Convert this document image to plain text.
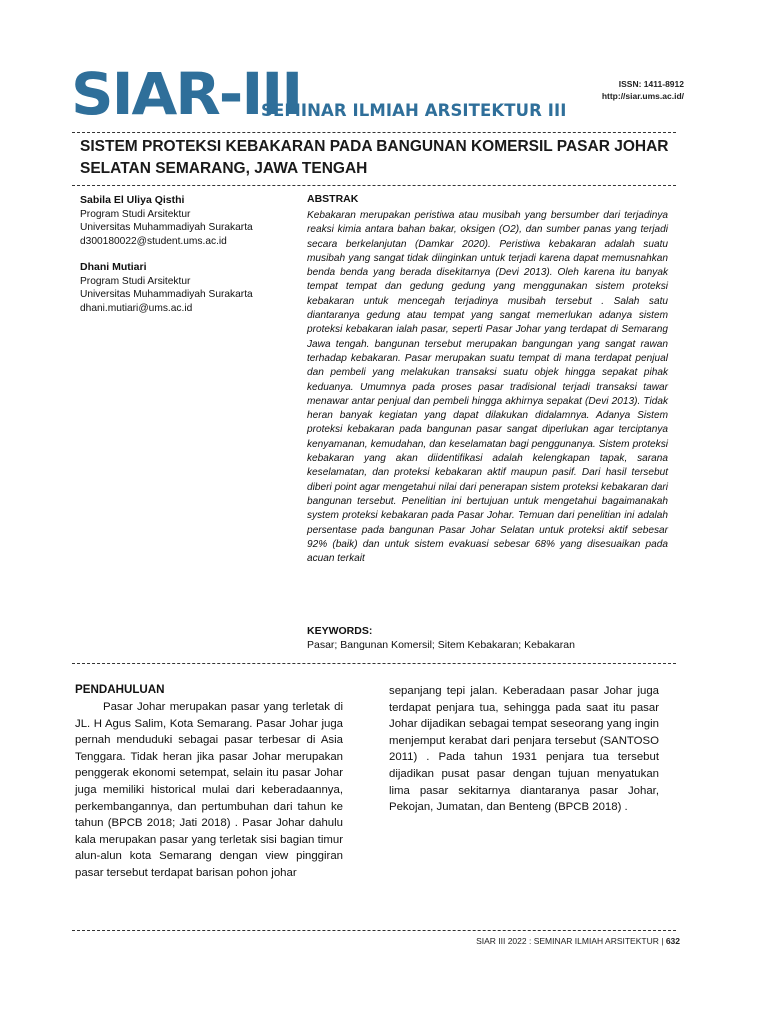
SIAR-III
SEMINAR ILMIAH ARSITEKTUR III
ISSN: 1411-8912
http://siar.ums.ac.id/
SISTEM PROTEKSI KEBAKARAN PADA BANGUNAN KOMERSIL PASAR JOHAR SELATAN SEMARANG, JAWA TENGAH
Sabila El Uliya Qisthi
Program Studi Arsitektur
Universitas Muhammadiyah Surakarta
d300180022@student.ums.ac.id
Dhani Mutiari
Program Studi Arsitektur
Universitas Muhammadiyah Surakarta
dhani.mutiari@ums.ac.id
ABSTRAK
Kebakaran merupakan peristiwa atau musibah yang bersumber dari terjadinya reaksi kimia antara bahan bakar, oksigen (O2), dan sumber panas yang terjadi secara berkelanjutan (Damkar 2020). Peristiwa kebakaran adalah suatu musibah yang sangat tidak diinginkan untuk terjadi karena dapat memusnahkan benda benda yang berada disekitarnya (Devi 2013). Oleh karena itu banyak tempat tempat dan gedung gedung yang menggunakan sistem proteksi kebakaran untuk mencegah terjadinya musibah tersebut . Salah satu diantaranya gedung atau tempat yang sangat memerlukan adanya sistem proteksi kebakaran ialah pasar, seperti Pasar Johar yang terdapat di Semarang Jawa tengah. bangunan tersebut merupakan bangungan yang sangat rawan terhadap kebakaran. Pasar merupakan suatu tempat di mana terdapat penjual dan pembeli yang melakukan transaksi suatu objek hingga sepakat pihak keduanya. Umumnya pada proses pasar tradisional terjadi transaksi tawar menawar antar penjual dan pembeli hingga akhirnya sepakat (Devi 2013). Tidak heran banyak kegiatan yang dapat dilakukan didalamnya. Adanya Sistem proteksi kebakaran pada bangunan pasar sangat diperlukan agar terciptanya kenyamanan, kemudahan, dan keselamatan bagi penggunanya. Sistem proteksi kebakaran yang akan diidentifikasi adalah kelengkapan tapak, sarana keselamatan, dan proteksi kebakaran aktif maupun pasif. Dari hasil tersebut diberi point agar mengetahui nilai dari penerapan sistem proteksi kebakaran dari bangunan tersebut. Penelitian ini bertujuan untuk mengetahui bagaimanakah system proteksi kebakaran pada Pasar Johar. Temuan dari penelitian ini adalah persentase pada bangunan Pasar Johar Selatan untuk proteksi aktif sebesar 92% (baik) dan untuk sistem evakuasi sebesar 68% yang disesuaikan pada acuan terkait
KEYWORDS:
Pasar; Bangunan Komersil; Sitem Kebakaran; Kebakaran
PENDAHULUAN

Pasar Johar merupakan pasar yang terletak di JL. H Agus Salim, Kota Semarang. Pasar Johar juga pernah menduduki sebagai pasar terbesar di Asia Tenggara. Tidak heran jika pasar Johar merupakan penggerak ekonomi setempat, selain itu pasar Johar juga memiliki historical mulai dari keberadaannya, perkembangannya, dan pertumbuhan dari tahun ke tahun (BPCB 2018; Jati 2018) . Pasar Johar dahulu kala merupakan pasar yang terletak sisi bagian timur alun-alun kota Semarang dengan view pinggiran pasar tersebut terdapat barisan pohon johar

sepanjang tepi jalan. Keberadaan pasar Johar juga terdapat penjara tua, sehingga pada saat itu pasar Johar dijadikan sebagai tempat seseorang yang ingin menjemput kerabat dari penjara tersebut (SANTOSO 2011) . Pada tahun 1931 penjara tua tersebut dijadikan pusat pasar dengan tujuan menyatukan lima pasar sekitarnya diantaranya pasar Johar, Pekojan, Jumatan, dan Benteng (BPCB 2018) .
SIAR III 2022 : SEMINAR ILMIAH ARSITEKTUR | 632
